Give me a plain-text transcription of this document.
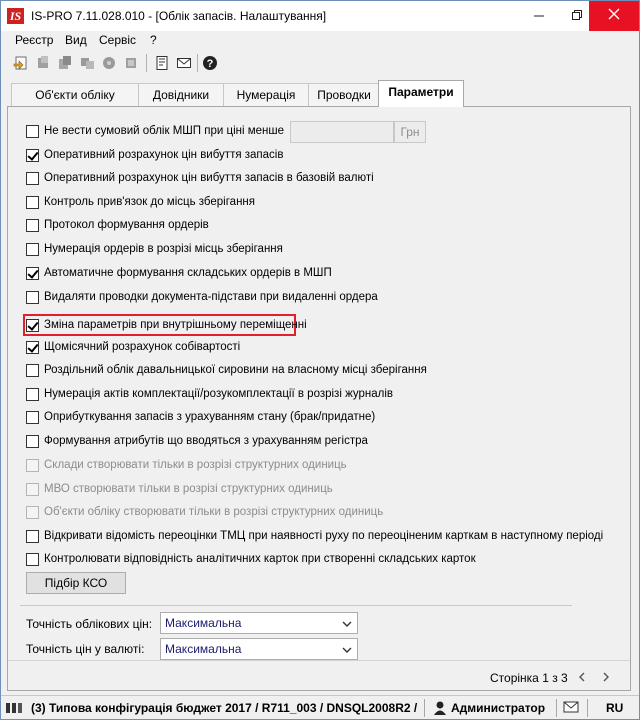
IS IS-PRO 7.11.028.010 - [Облік запасів. Налаштування]
Реєстр Вид Сервіс ?
?
Об'єкти обліку	Довідники	Нумерація	Проводки	Параметри
Грн
Не вести сумовий облік МШП при ціні менше
Оперативний розрахунок цін вибуття запасів
Оперативний розрахунок цін вибуття запасів в базовій валюті
Контроль прив'язок до місць зберігання
Протокол формування ордерів
Нумерація ордерів в розрізі місць зберігання
Автоматичне формування складських ордерів в МШП
Видаляти проводки документа-підстави при видаленні ордера
Зміна параметрів при внутрішньому переміщенні
Щомісячний розрахунок собівартості
Роздільний облік давальницької сировини на власному місці зберігання
Нумерація актів комплектації/розукомплектації в розрізі журналів
Оприбуткування запасів з урахуванням стану (брак/придатне)
Формування атрибутів що вводяться з урахуванням регістра
Склади створювати тільки в розрізі структурних одиниць
МВО створювати тільки в розрізі структурних одиниць
Об'єкти обліку створювати тільки в розрізі структурних одиниць
Відкривати відомість переоцінки ТМЦ при наявності руху по переоціненим карткам в наступному періоді
Контролювати відповідність аналітичних карток при створенні складських карток
Підбір КСО
Точність облікових цін: Максимальна
Точність цін у валюті: Максимальна
Сторінка 1 з 3
(3) Типова конфігурація бюджет 2017 / R711_003 / DNSQL2008R2 /	Администратор	RU
